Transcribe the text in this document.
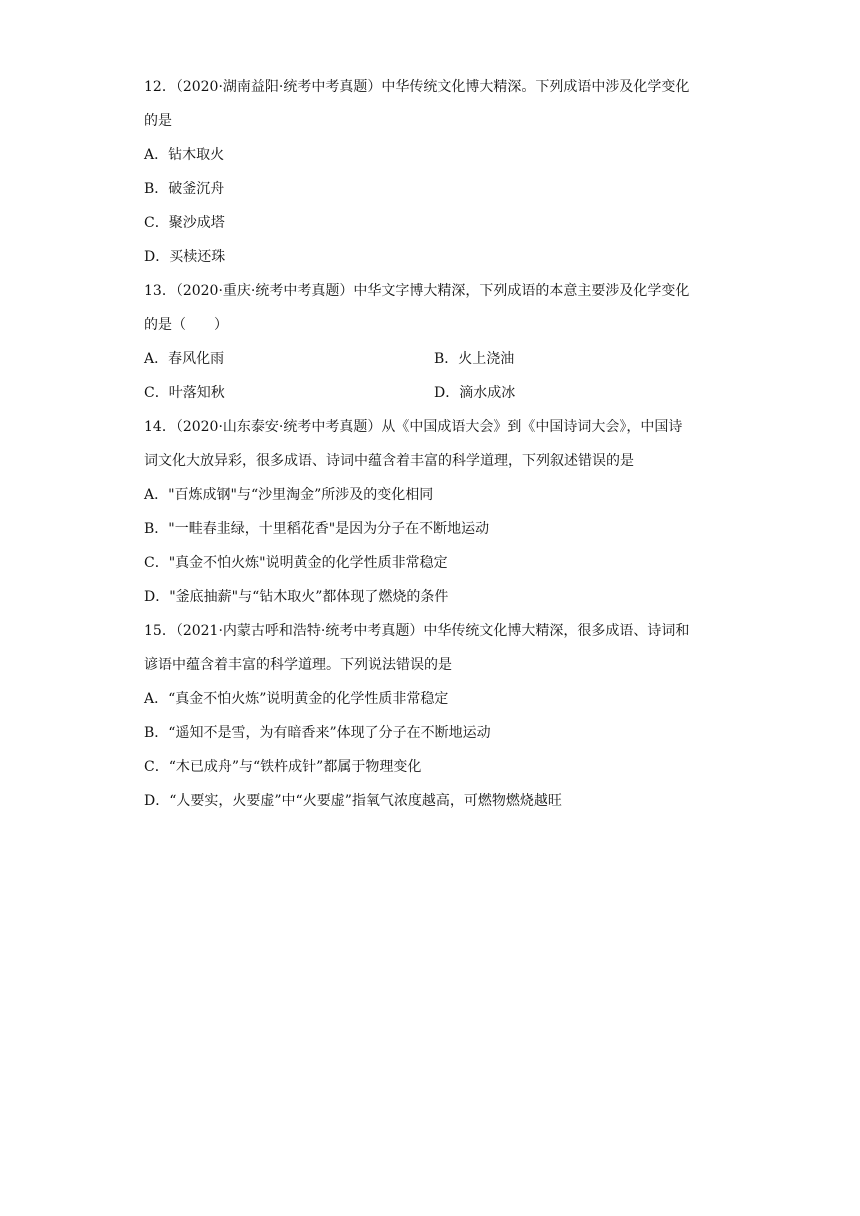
12．（2020·湖南益阳·统考中考真题）中华传统文化博大精深。下列成语中涉及化学变化
的是
A．钻木取火
B．破釜沉舟
C．聚沙成塔
D．买椟还珠
13．（2020·重庆·统考中考真题）中华文字博大精深，下列成语的本意主要涉及化学变化
的是（　　）
A．春风化雨	B．火上浇油
C．叶落知秋	D．滴水成冰
14．（2020·山东泰安·统考中考真题）从《中国成语大会》到《中国诗词大会》，中国诗
词文化大放异彩，很多成语、诗词中蕴含着丰富的科学道理，下列叙述错误的是
A．"百炼成钢"与“沙里淘金”所涉及的变化相同
B．"一畦春韭绿，十里稻花香"是因为分子在不断地运动
C．"真金不怕火炼"说明黄金的化学性质非常稳定
D．"釜底抽薪"与“钻木取火”都体现了燃烧的条件
15．（2021·内蒙古呼和浩特·统考中考真题）中华传统文化博大精深，很多成语、诗词和
谚语中蕴含着丰富的科学道理。下列说法错误的是
A．“真金不怕火炼”说明黄金的化学性质非常稳定
B．“遥知不是雪，为有暗香来”体现了分子在不断地运动
C．“木已成舟”与“铁杵成针”都属于物理变化
D．“人要实，火要虚”中“火要虚”指氧气浓度越高，可燃物燃烧越旺
